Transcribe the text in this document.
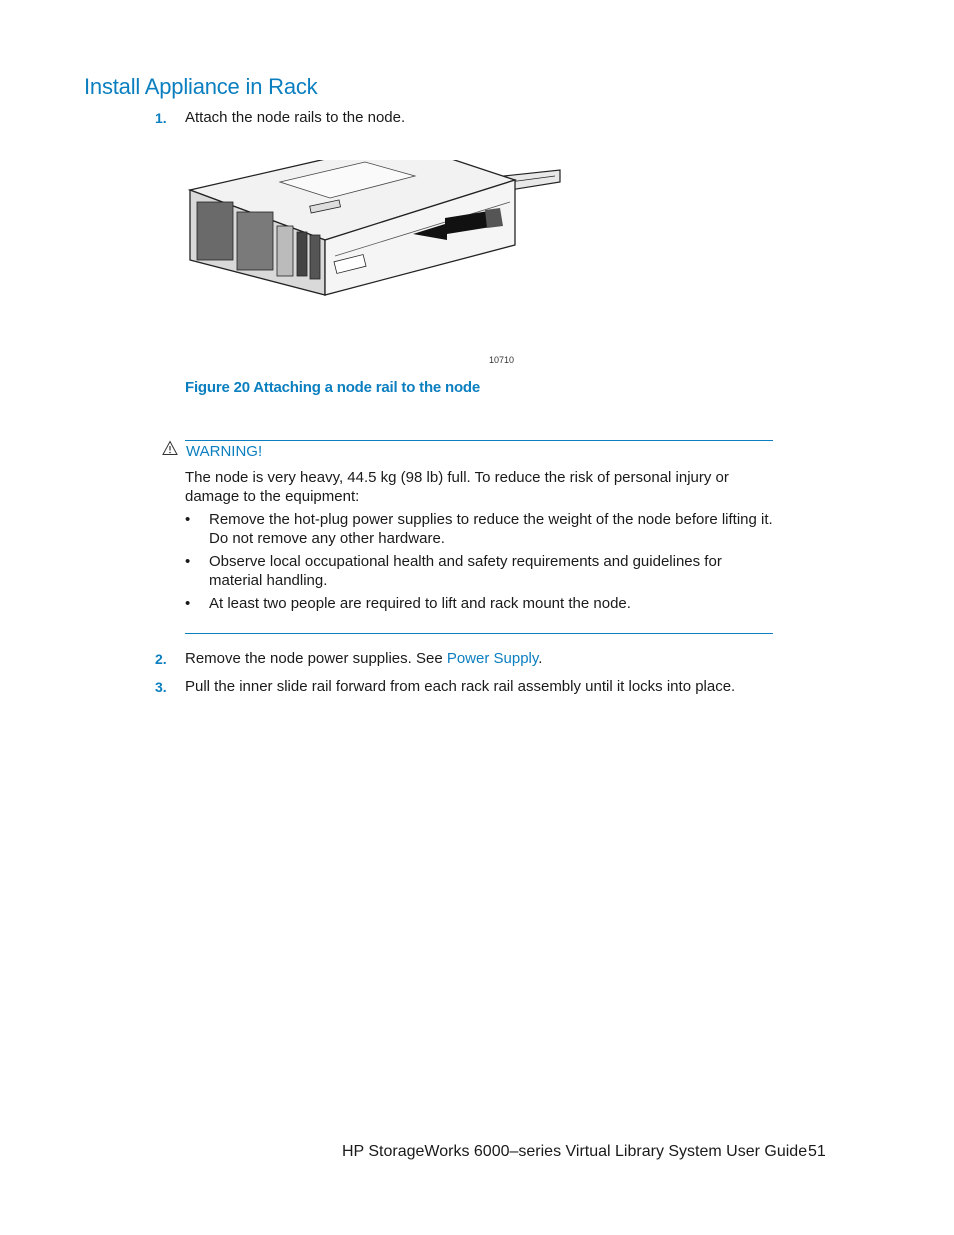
Install Appliance in Rack
1. Attach the node rails to the node.
10710
Figure 20 Attaching a node rail to the node
WARNING!
The node is very heavy, 44.5 kg (98 lb) full. To reduce the risk of personal injury or damage to the equipment:
• Remove the hot-plug power supplies to reduce the weight of the node before lifting it. Do not remove any other hardware.
• Observe local occupational health and safety requirements and guidelines for material handling.
• At least two people are required to lift and rack mount the node.
2. Remove the node power supplies. See Power Supply.
3. Pull the inner slide rail forward from each rack rail assembly until it locks into place.
HP StorageWorks 6000–series Virtual Library System User Guide 51
